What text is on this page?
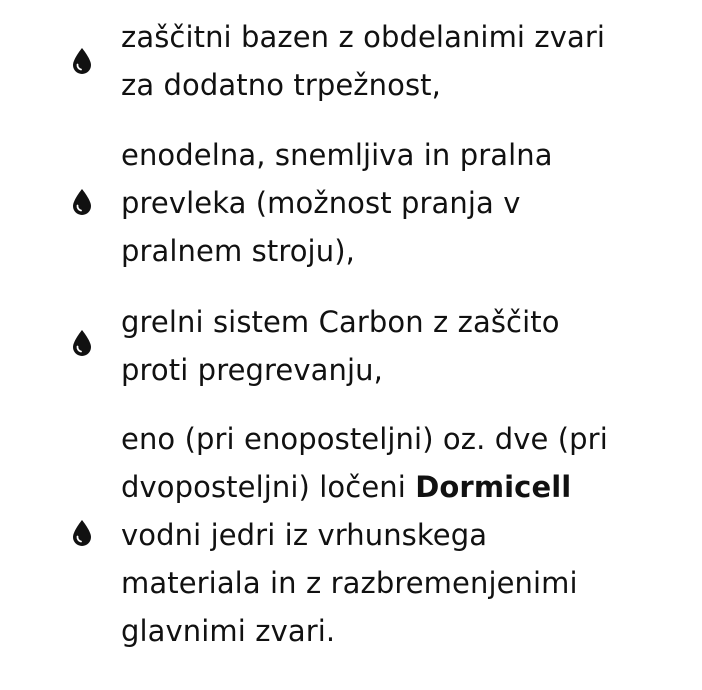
zaščitni bazen z obdelanimi zvari
za dodatno trpežnost,
enodelna, snemljiva in pralna
prevleka (možnost pranja v
pralnem stroju),
grelni sistem Carbon z zaščito
proti pregrevanju,
eno (pri enoposteljni) oz. dve (pri
dvoposteljni) ločeni Dormicell
vodni jedri iz vrhunskega
materiala in z razbremenjenimi
glavnimi zvari.
